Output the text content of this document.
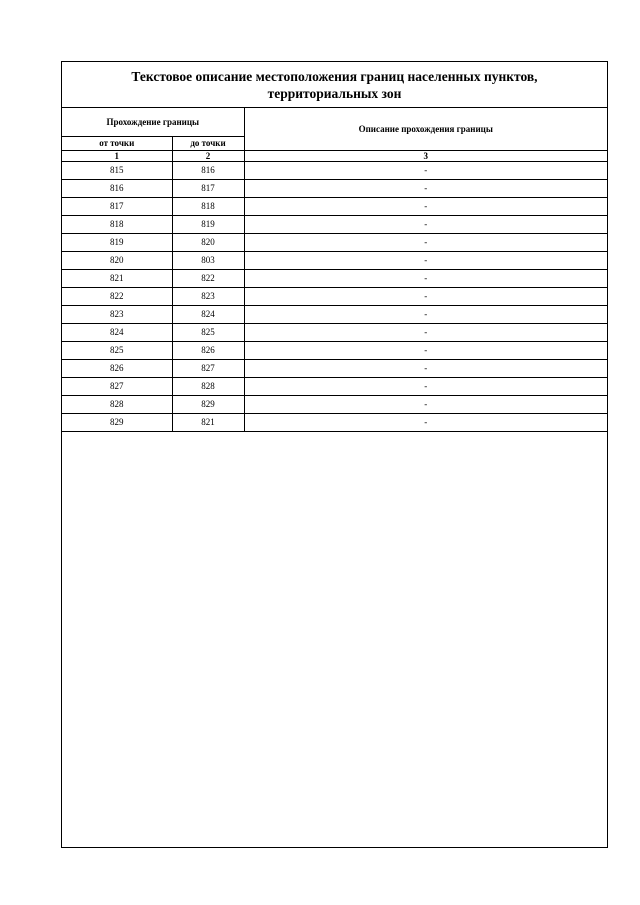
Текстовое описание местоположения границ населенных пунктов,
территориальных зон
Прохождение границы		Описание прохождения границы
от точки	до точки	
1	2	3
815	816	-
816	817	-
817	818	-
818	819	-
819	820	-
820	803	-
821	822	-
822	823	-
823	824	-
824	825	-
825	826	-
826	827	-
827	828	-
828	829	-
829	821	-
